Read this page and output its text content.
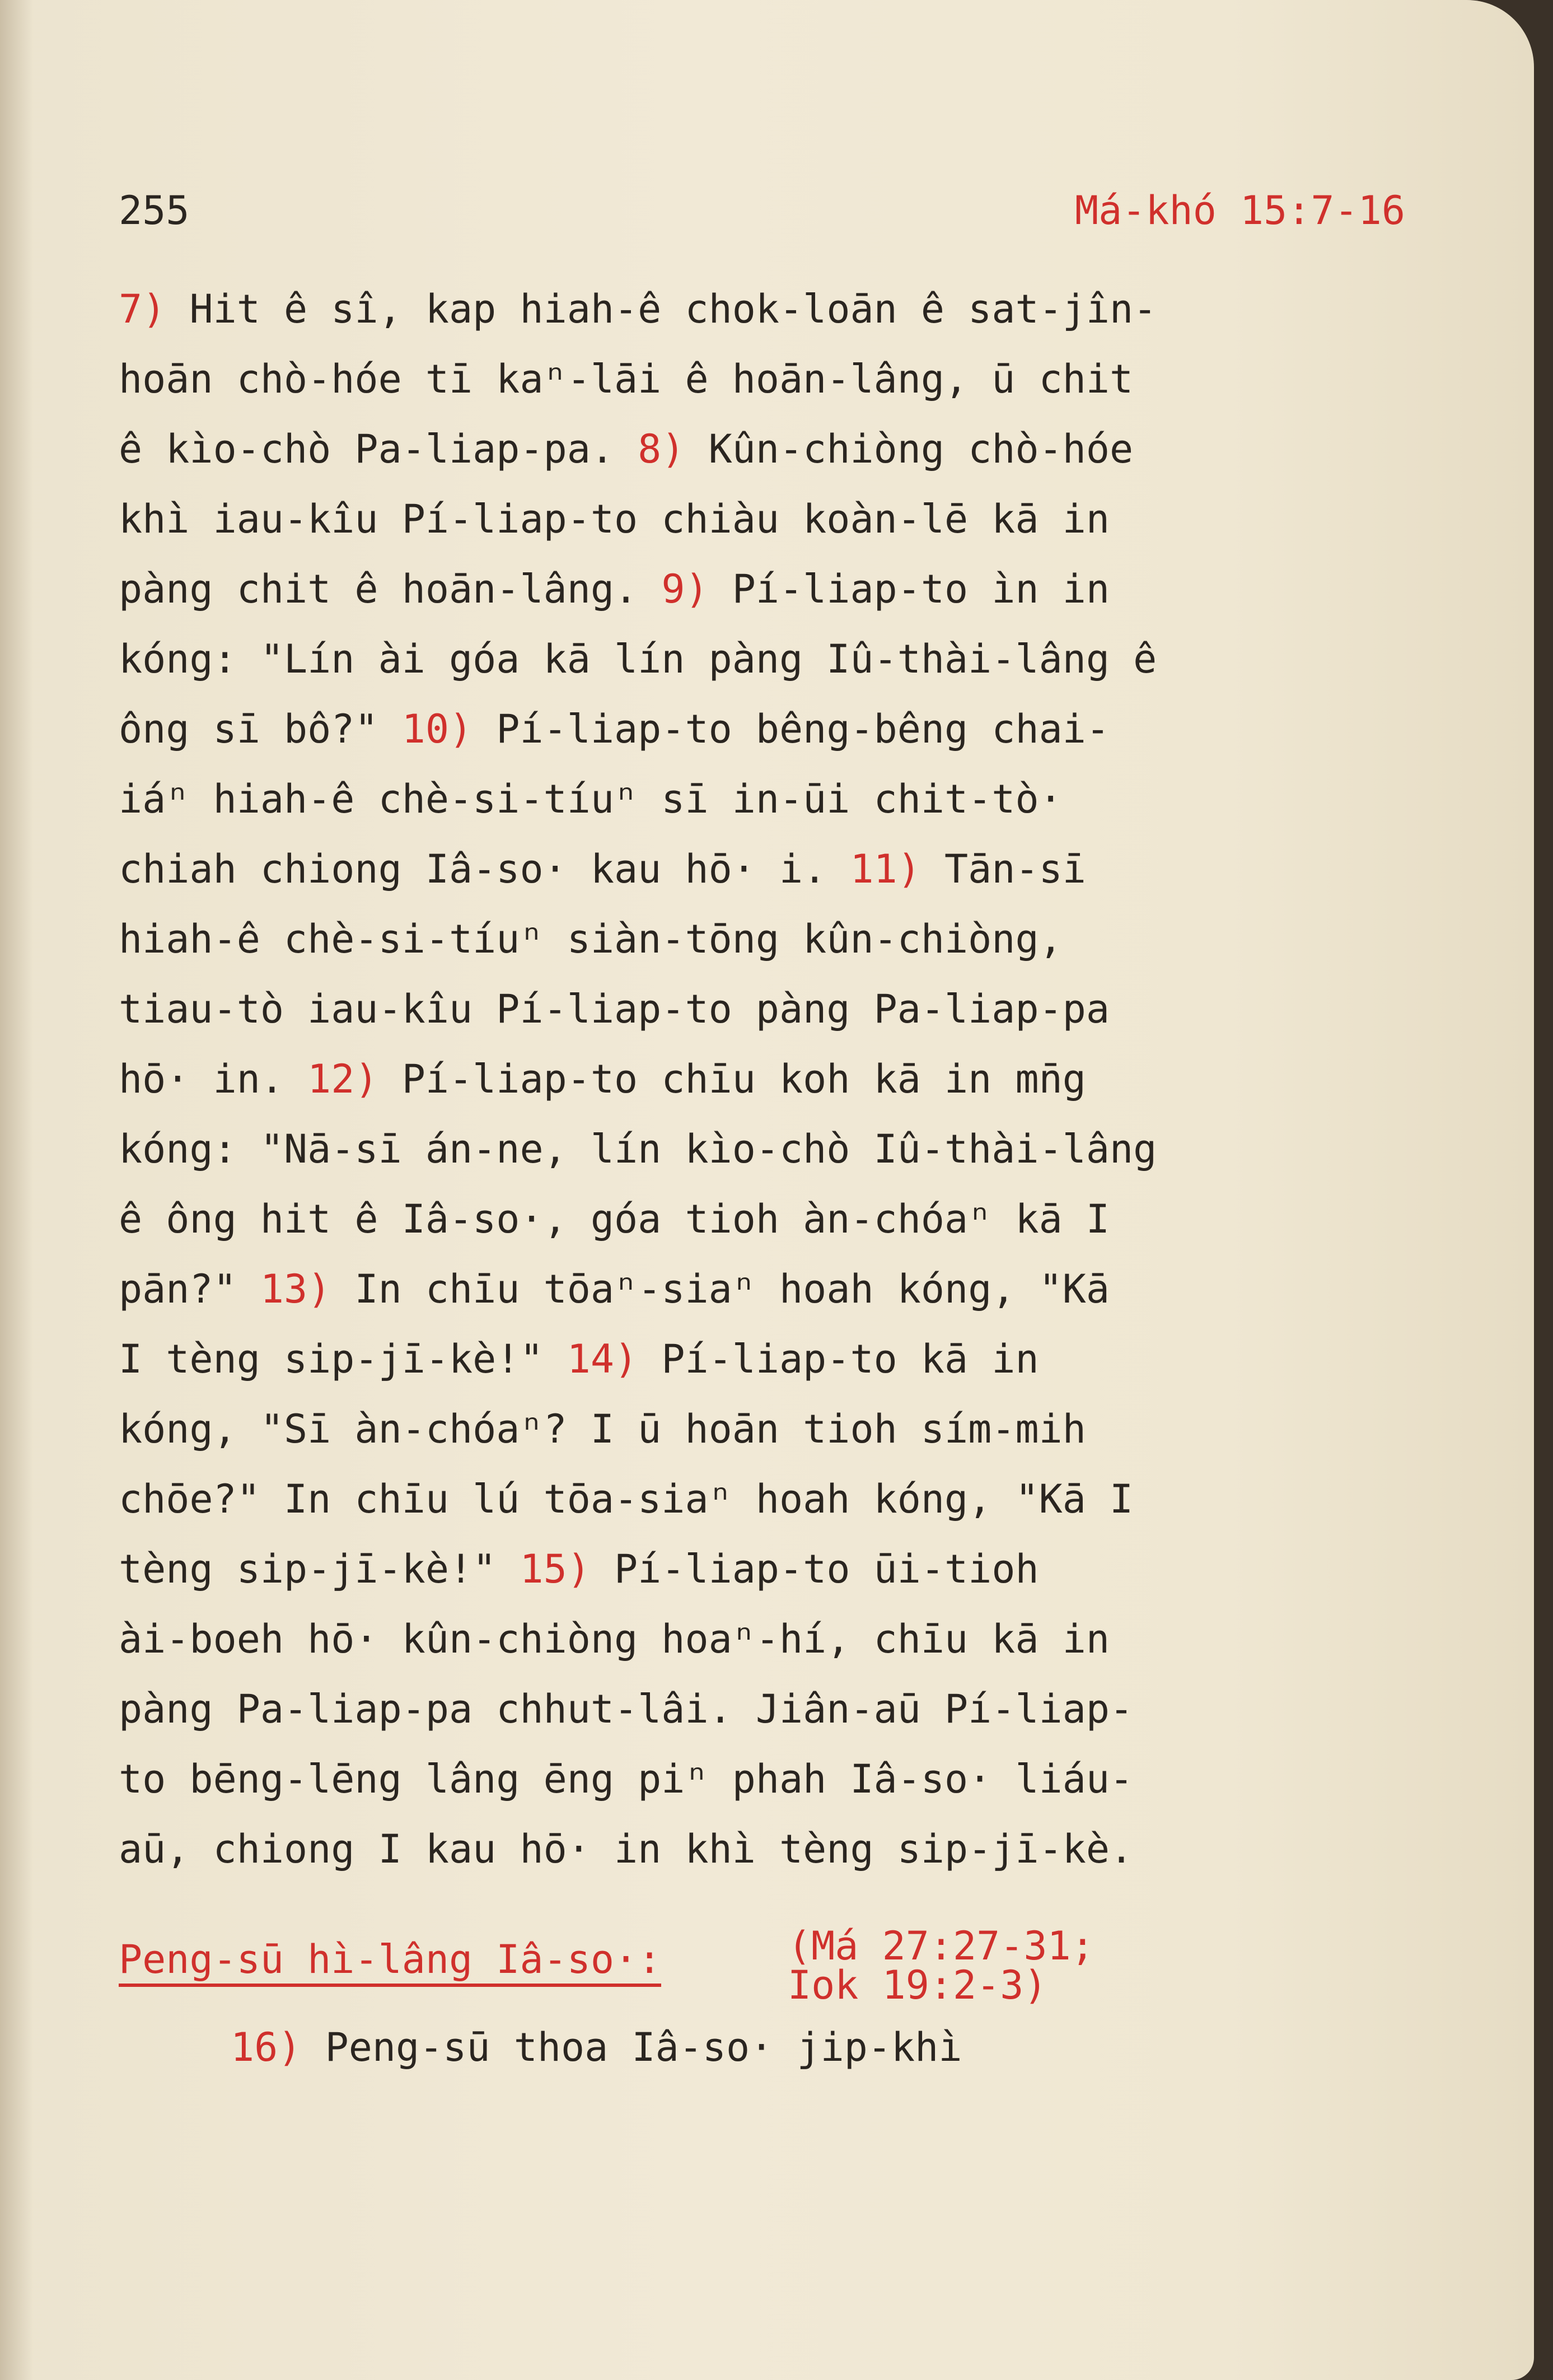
255	Má-khó 15:7-16
7) Hit ê sî, kap hiah-ê chok-loān ê sat-jîn-
hoān chò-hóe tī kaⁿ-lāi ê hoān-lâng, ū chit
ê kìo-chò Pa-liap-pa. 8) Kûn-chiòng chò-hóe
khì iau-kîu Pí-liap-to chiàu koàn-lē kā in
pàng chit ê hoān-lâng. 9) Pí-liap-to ìn in
kóng: "Lín ài góa kā lín pàng Iû-thài-lâng ê
ông sī bô?" 10) Pí-liap-to bêng-bêng chai-
iáⁿ hiah-ê chè-si-tíuⁿ sī in-ūi chit-tò·
chiah chiong Iâ-so· kau hō· i. 11) Tān-sī
hiah-ê chè-si-tíuⁿ siàn-tōng kûn-chiòng,
tiau-tò iau-kîu Pí-liap-to pàng Pa-liap-pa
hō· in. 12) Pí-liap-to chīu koh kā in mn̄g
kóng: "Nā-sī án-ne, lín kìo-chò Iû-thài-lâng
ê ông hit ê Iâ-so·, góa tioh àn-chóaⁿ kā I
pān?" 13) In chīu tōaⁿ-siaⁿ hoah kóng, "Kā
I tèng sip-jī-kè!" 14) Pí-liap-to kā in
kóng, "Sī àn-chóaⁿ? I ū hoān tioh sím-mih
chōe?" In chīu lú tōa-siaⁿ hoah kóng, "Kā I
tèng sip-jī-kè!" 15) Pí-liap-to ūi-tioh
ài-boeh hō· kûn-chiòng hoaⁿ-hí, chīu kā in
pàng Pa-liap-pa chhut-lâi. Jiân-aū Pí-liap-
to bēng-lēng lâng ēng piⁿ phah Iâ-so· liáu-
aū, chiong I kau hō· in khì tèng sip-jī-kè.
Peng-sū hì-lâng Iâ-so·:	(Má 27:27-31;
Iok 19:2-3)
16) Peng-sū thoa Iâ-so· jip-khì
